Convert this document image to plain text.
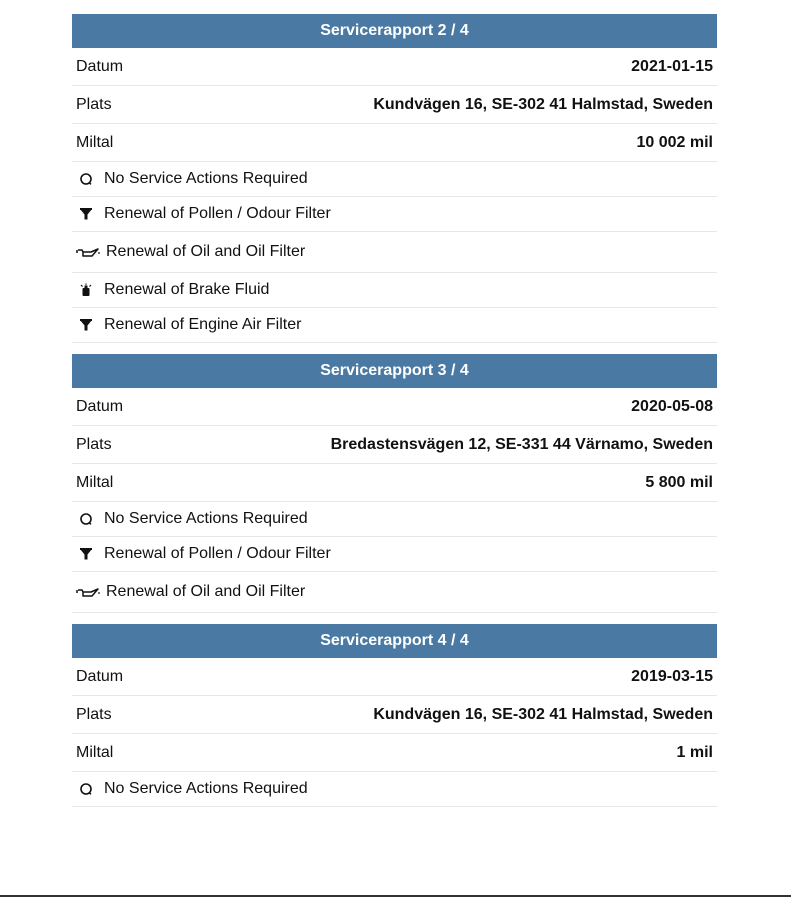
Servicerapport 2 / 4
Datum	2021-01-15
Plats	Kundvägen 16, SE-302 41 Halmstad, Sweden
Miltal	10 002 mil
No Service Actions Required
Renewal of Pollen / Odour Filter
Renewal of Oil and Oil Filter
Renewal of Brake Fluid
Renewal of Engine Air Filter
Servicerapport 3 / 4
Datum	2020-05-08
Plats	Bredastensvägen 12, SE-331 44 Värnamo, Sweden
Miltal	5 800 mil
No Service Actions Required
Renewal of Pollen / Odour Filter
Renewal of Oil and Oil Filter
Servicerapport 4 / 4
Datum	2019-03-15
Plats	Kundvägen 16, SE-302 41 Halmstad, Sweden
Miltal	1 mil
No Service Actions Required
